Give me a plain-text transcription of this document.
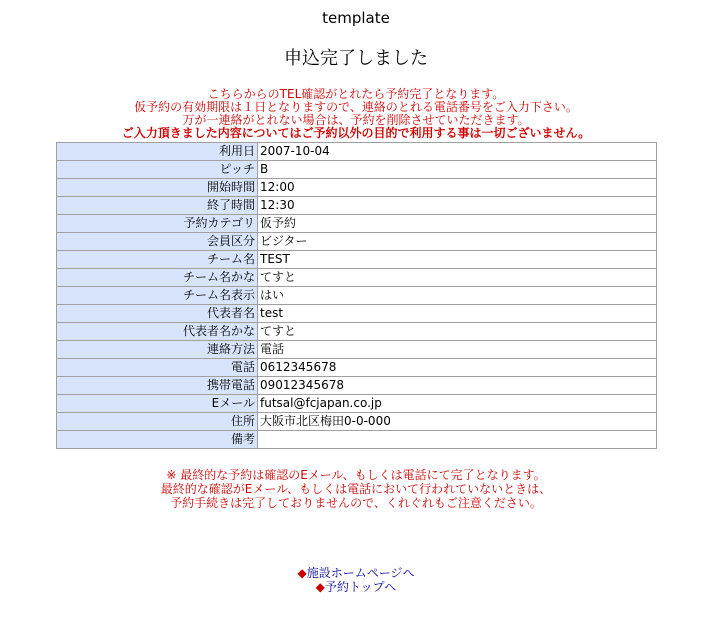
template
申込完了しました
こちらからのTEL確認がとれたら予約完了となります。
仮予約の有効期限は１日となりますので、連絡のとれる電話番号をご入力下さい。
万が一連絡がとれない場合は、予約を削除させていただきます。
ご入力頂きました内容についてはご予約以外の目的で利用する事は一切ございません。
利用日	2007-10-04
ピッチ	B
開始時間	12:00
終了時間	12:30
予約カテゴリ	仮予約
会員区分	ビジター
チーム名	TEST
チーム名かな	てすと
チーム名表示	はい
代表者名	test
代表者名かな	てすと
連絡方法	電話
電話	0612345678
携帯電話	09012345678
Eメール	futsal@fcjapan.co.jp
住所	大阪市北区梅田0-0-000
備考	
※ 最終的な予約は確認のEメール、もしくは電話にて完了となります。
最終的な確認がEメール、もしくは電話において行われていないときは、
予約手続きは完了しておりませんので、くれぐれもご注意ください。
◆施設ホームページへ
◆予約トップへ
